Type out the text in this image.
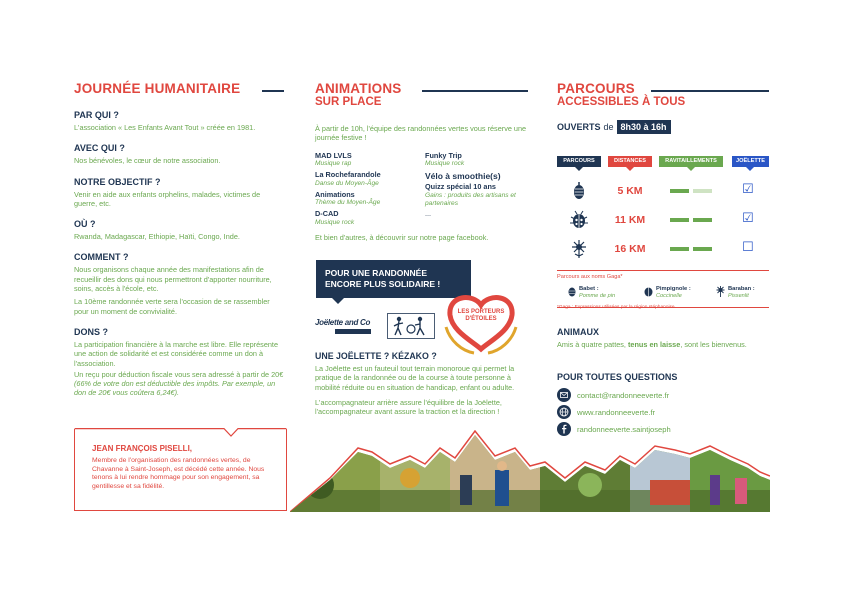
JOURNÉE HUMANITAIRE
PAR QUI ?
L'association « Les Enfants Avant Tout » créée en 1981.
AVEC QUI ?
Nos bénévoles, le cœur de notre association.
NOTRE OBJECTIF ?
Venir en aide aux enfants orphelins, malades, victimes de guerre, etc.
OÙ ?
Rwanda, Madagascar, Ethiopie, Haïti, Congo, Inde.
COMMENT ?
Nous organisons chaque année des manifestations afin de recueillir des dons qui nous permettront d'apporter nourriture, soins, accès à l'école, etc.
La 10ème randonnée verte sera l'occasion de se rassembler pour un moment de convivialité.
DONS ?
La participation financière à la marche est libre. Elle représente une action de solidarité et est considérée comme un don à l'association.
Un reçu pour déduction fiscale vous sera adressé à partir de 20€ (66% de votre don est déductible des impôts. Par exemple, un don de 20€ vous coûtera 6,24€).
JEAN FRANÇOIS PISELLI,
Membre de l'organisation des randonnées vertes, de Chavanne à Saint-Joseph, est décédé cette année. Nous tenons à lui rendre hommage pour son engagement, sa gentillesse et sa fidélité.
ANIMATIONS
SUR PLACE
À partir de 10h, l'équipe des randonnées vertes vous réserve une journée festive !
MAD LVLS
Musique rap
La Rochefarandole
Danse du Moyen-Âge
Animations
Thème du Moyen-Âge
D-CAD
Musique rock
Funky Trip
Musique rock
Vélo à smoothie(s)
Quizz spécial 10 ans
Gains : produits des artisans et partenaires
...
Et bien d'autres, à découvrir sur notre page facebook.
POUR UNE RANDONNÉE ENCORE PLUS SOLIDAIRE !
Joëlette and Co
LES PORTEURS
D'ÉTOILES
UNE JOËLETTE ? KÉZAKO ?
La Joëlette est un fauteuil tout terrain monoroue qui permet la pratique de la randonnée ou de la course à toute personne à mobilité réduite ou en situation de handicap, enfant ou adulte.
L'accompagnateur arrière assure l'équilibre de la Joëlette, l'accompagnateur avant assure la traction et la direction !
PARCOURS
ACCESSIBLES À TOUS
OUVERTS de 8h30 à 16h
PARCOURS	DISTANCES	RAVITAILLEMENTS	JOËLETTE
5 KM	☑
11 KM	☑
16 KM	☐
Parcours aux noms Gaga*
Babet :
Pomme de pin
Pimpignole :
Coccinelle
Baraban :
Pissenlit
*Gaga : Expressions utilisées par la région stéphanoise.
ANIMAUX
Amis à quatre pattes, tenus en laisse, sont les bienvenus.
POUR TOUTES QUESTIONS
contact@randonneeverte.fr
www.randonneeverte.fr
randonneeverte.saintjoseph
